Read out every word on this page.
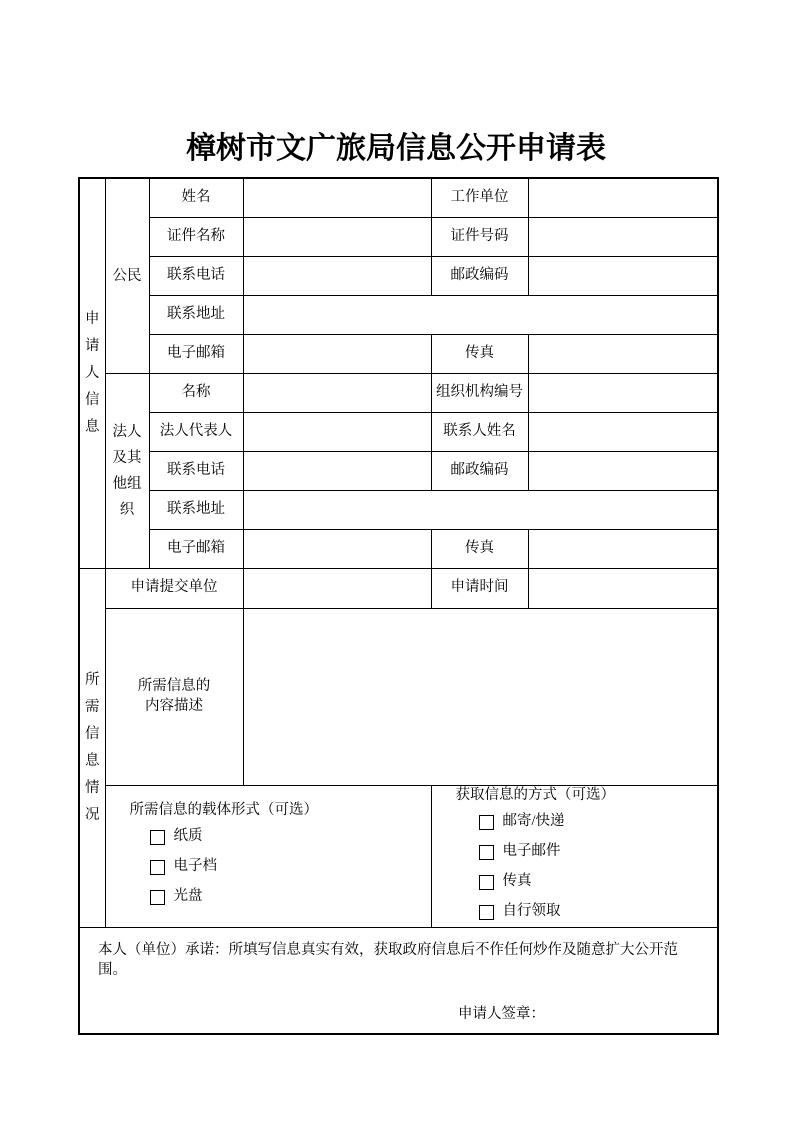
樟树市文广旅局信息公开申请表
申请人信息	公民	姓名		工作单位	
		证件名称		证件号码	
		联系电话		邮政编码	
		联系地址			
		电子邮箱		传真	

	法人及其他组织	名称		组织机构编号	
		法人代表人		联系人姓名	
		联系电话		邮政编码	
		联系地址			
		电子邮箱		传真	

所需信息情况	申请提交单位			申请时间	

	所需信息的内容描述				

所需信息的载体形式（可选）
纸质
电子档
光盘

获取信息的方式（可选）
邮寄/快递
电子邮件
传真
自行领取

本人（单位）承诺：所填写信息真实有效，获取政府信息后不作任何炒作及随意扩大公开范围。
申请人签章：					
